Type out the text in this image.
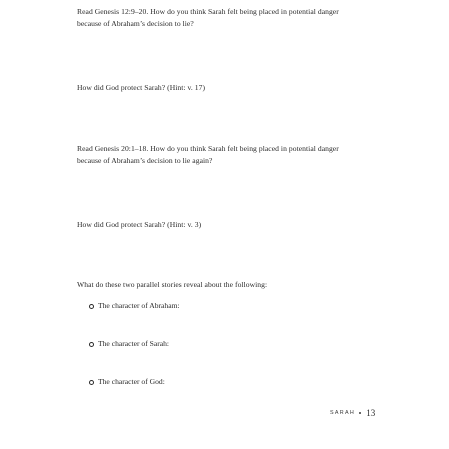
Read Genesis 12:9–20. How do you think Sarah felt being placed in potential danger
because of Abraham’s decision to lie?

How did God protect Sarah? (Hint: v. 17)

Read Genesis 20:1–18. How do you think Sarah felt being placed in potential danger
because of Abraham’s decision to lie again?

How did God protect Sarah? (Hint: v. 3)

What do these two parallel stories reveal about the following:

The character of Abraham:
The character of Sarah:
The character of God:
SARAH 13
